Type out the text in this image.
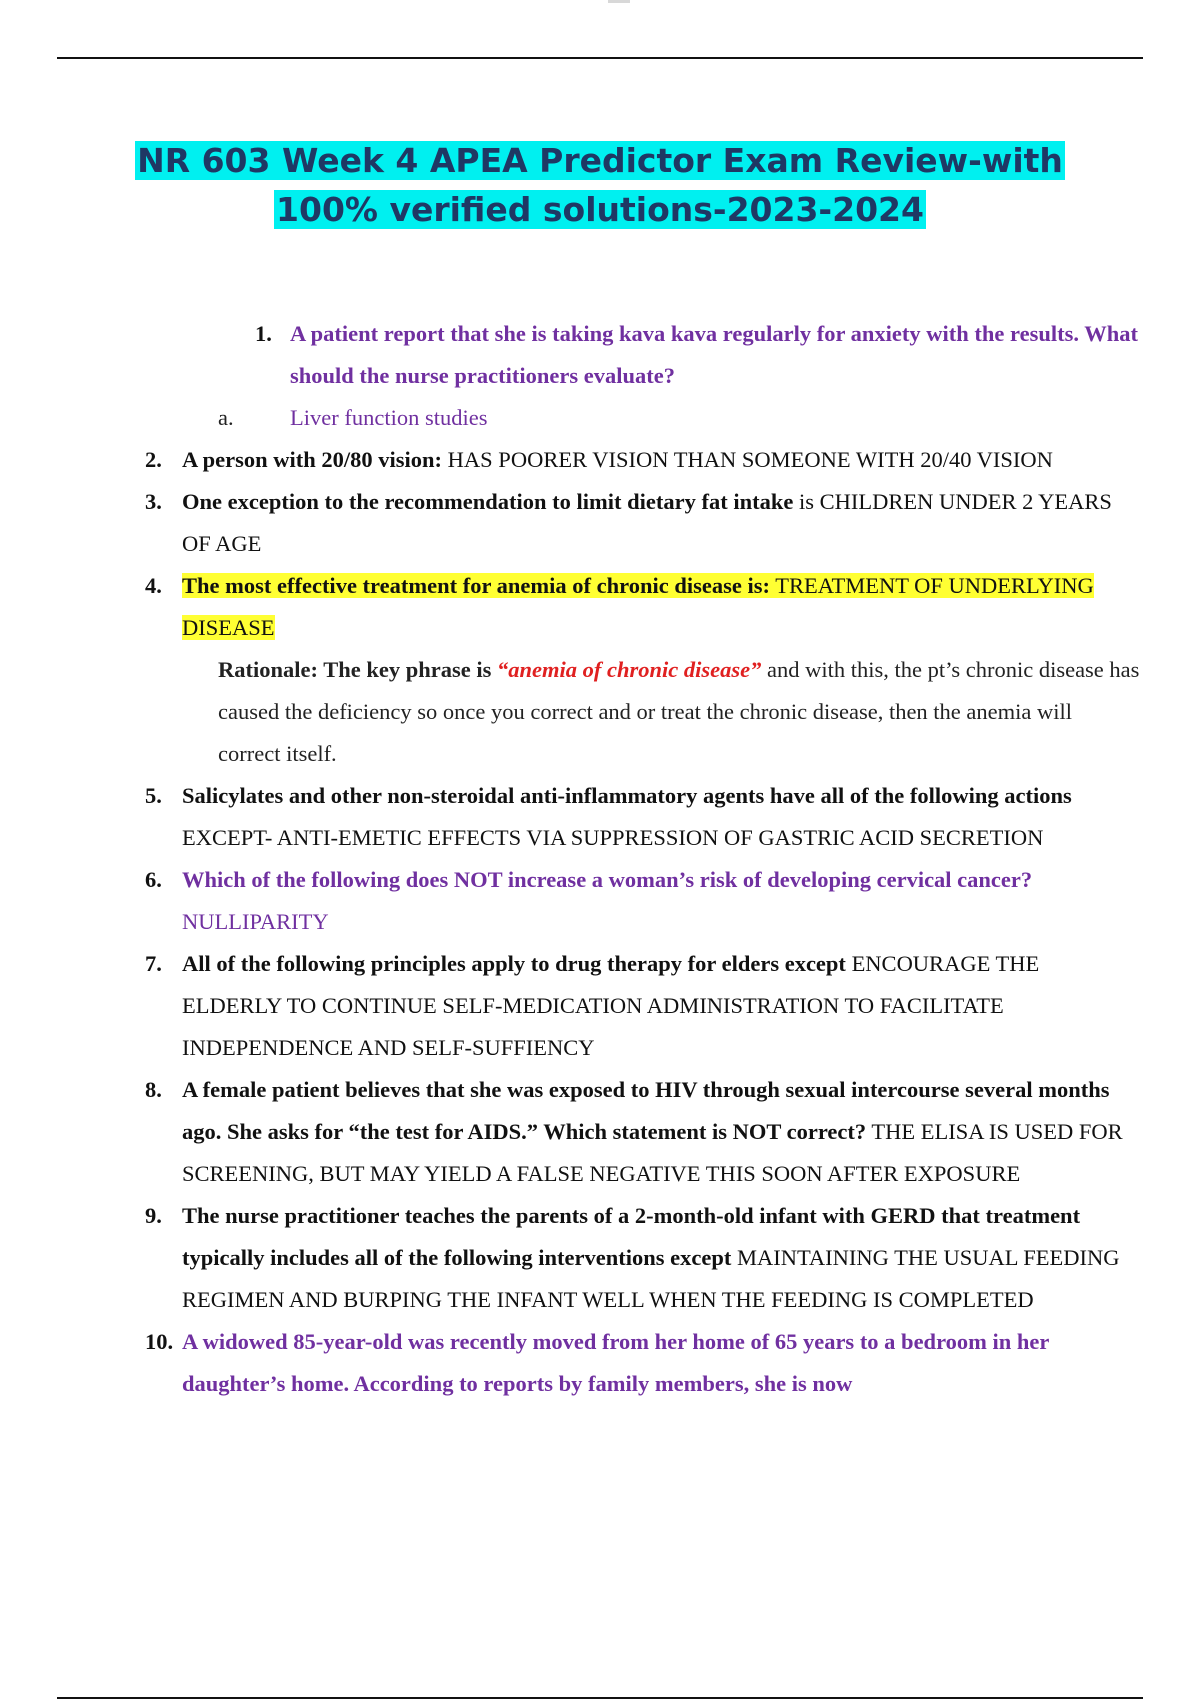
NR 603 Week 4 APEA Predictor Exam Review-with
100% verified solutions-2023-2024
1. A patient report that she is taking kava kava regularly for anxiety with the results. What should the nurse practitioners evaluate?
a.	Liver function studies
2. A person with 20/80 vision: HAS POORER VISION THAN SOMEONE WITH 20/40 VISION
3. One exception to the recommendation to limit dietary fat intake is CHILDREN UNDER 2 YEARS OF AGE
4. The most effective treatment for anemia of chronic disease is: TREATMENT OF UNDERLYING DISEASE
Rationale: The key phrase is “anemia of chronic disease” and with this, the pt’s chronic disease has caused the deficiency so once you correct and or treat the chronic disease, then the anemia will correct itself.
5. Salicylates and other non-steroidal anti-inflammatory agents have all of the following actions EXCEPT- ANTI-EMETIC EFFECTS VIA SUPPRESSION OF GASTRIC ACID SECRETION
6. Which of the following does NOT increase a woman’s risk of developing cervical cancer? NULLIPARITY
7. All of the following principles apply to drug therapy for elders except ENCOURAGE THE ELDERLY TO CONTINUE SELF-MEDICATION ADMINISTRATION TO FACILITATE INDEPENDENCE AND SELF-SUFFIENCY
8. A female patient believes that she was exposed to HIV through sexual intercourse several months ago. She asks for “the test for AIDS.” Which statement is NOT correct? THE ELISA IS USED FOR SCREENING, BUT MAY YIELD A FALSE NEGATIVE THIS SOON AFTER EXPOSURE
9. The nurse practitioner teaches the parents of a 2-month-old infant with GERD that treatment typically includes all of the following interventions except MAINTAINING THE USUAL FEEDING REGIMEN AND BURPING THE INFANT WELL WHEN THE FEEDING IS COMPLETED
10. A widowed 85-year-old was recently moved from her home of 65 years to a bedroom in her daughter’s home. According to reports by family members, she is now
